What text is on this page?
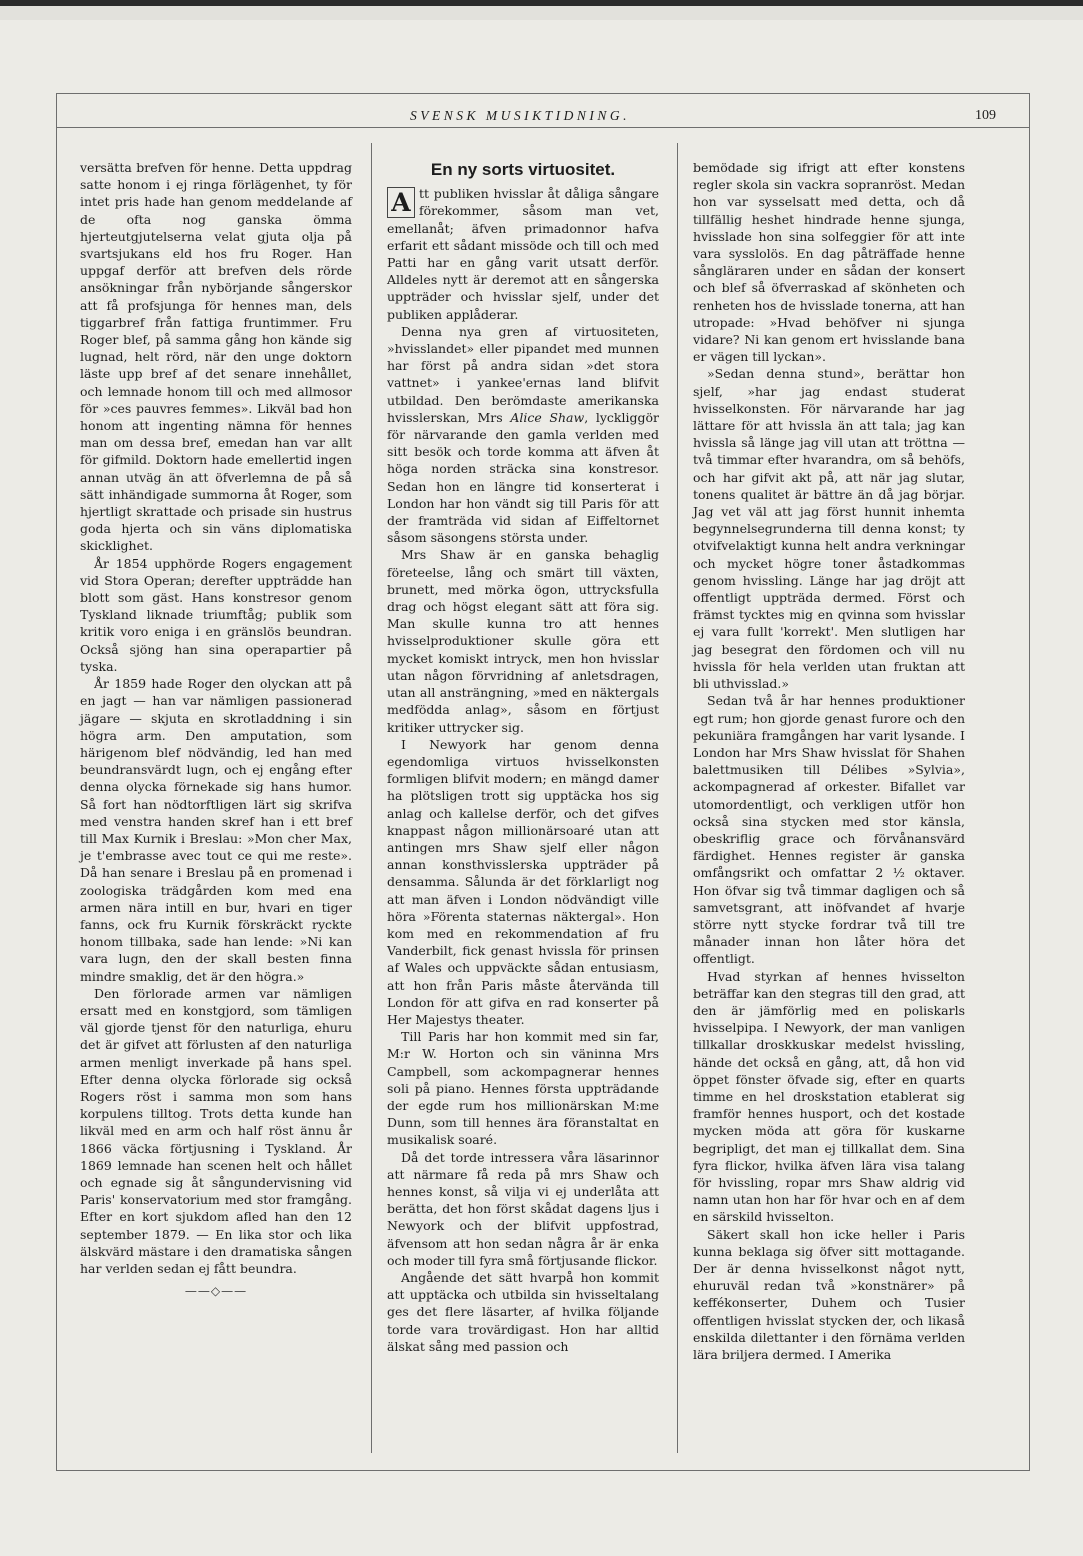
SVENSK MUSIKTIDNING.	109

versätta brefven för henne. Detta uppdrag satte honom i ej ringa förlägenhet, ty för intet pris hade han genom meddelande af de ofta nog ganska ömma hjerteutgjutelserna velat gjuta olja på svartsjukans eld hos fru Roger. Han uppgaf derför att brefven dels rörde ansökningar från nybörjande sångerskor att få profsjunga för hennes man, dels tiggarbref från fattiga fruntimmer. Fru Roger blef, på samma gång hon kände sig lugnad, helt rörd, när den unge doktorn läste upp bref af det senare innehållet, och lemnade honom till och med allmosor för »ces pauvres femmes». Likväl bad hon honom att ingenting nämna för hennes man om dessa bref, emedan han var allt för gifmild. Doktorn hade emellertid ingen annan utväg än att öfverlemna de på så sätt inhändigade summorna åt Roger, som hjertligt skrattade och prisade sin hustrus goda hjerta och sin väns diplomatiska skicklighet.

År 1854 upphörde Rogers engagement vid Stora Operan; derefter uppträdde han blott som gäst. Hans konstresor genom Tyskland liknade triumftåg; publik som kritik voro eniga i en gränslös beundran. Också sjöng han sina operapartier på tyska.

År 1859 hade Roger den olyckan att på en jagt — han var nämligen passionerad jägare — skjuta en skrotladdning i sin högra arm. Den amputation, som härigenom blef nödvändig, led han med beundransvärdt lugn, och ej engång efter denna olycka förnekade sig hans humor. Så fort han nödtorftligen lärt sig skrifva med venstra handen skref han i ett bref till Max Kurnik i Breslau: »Mon cher Max, je t'embrasse avec tout ce qui me reste». Då han senare i Breslau på en promenad i zoologiska trädgården kom med ena armen nära intill en bur, hvari en tiger fanns, ock fru Kurnik förskräckt ryckte honom tillbaka, sade han lende: »Ni kan vara lugn, den der skall besten finna mindre smaklig, det är den högra.»

Den förlorade armen var nämligen ersatt med en konstgjord, som tämligen väl gjorde tjenst för den naturliga, ehuru det är gifvet att förlusten af den naturliga armen menligt inverkade på hans spel. Efter denna olycka förlorade sig också Rogers röst i samma mon som hans korpulens tilltog. Trots detta kunde han likväl med en arm och half röst ännu år 1866 väcka förtjusning i Tyskland. År 1869 lemnade han scenen helt och hållet och egnade sig åt sångundervisning vid Paris' konservatorium med stor framgång. Efter en kort sjukdom afled han den 12 september 1879. — En lika stor och lika älskvärd mästare i den dramatiska sången har verlden sedan ej fått beundra.

——◇——
En ny sorts virtuositet.

A tt publiken hvisslar åt dåliga sångare förekommer, såsom man vet, emellanåt; äfven primadonnor hafva erfarit ett sådant missöde och till och med Patti har en gång varit utsatt derför. Alldeles nytt är deremot att en sångerska uppträder och hvisslar sjelf, under det publiken applåderar.

Denna nya gren af virtuositeten, »hvisslandet» eller pipandet med munnen har först på andra sidan »det stora vattnet» i yankee'ernas land blifvit utbildad. Den berömdaste amerikanska hvisslerskan, Mrs Alice Shaw, lyckliggör för närvarande den gamla verlden med sitt besök och torde komma att äfven åt höga norden sträcka sina konstresor. Sedan hon en längre tid konserterat i London har hon vändt sig till Paris för att der framträda vid sidan af Eiffeltornet såsom säsongens största under.

Mrs Shaw är en ganska behaglig företeelse, lång och smärt till växten, brunett, med mörka ögon, uttrycksfulla drag och högst elegant sätt att föra sig. Man skulle kunna tro att hennes hvisselproduktioner skulle göra ett mycket komiskt intryck, men hon hvisslar utan någon förvridning af anletsdragen, utan all ansträngning, »med en näktergals medfödda anlag», såsom en förtjust kritiker uttrycker sig.

I Newyork har genom denna egendomliga virtuos hvisselkonsten formligen blifvit modern; en mängd damer ha plötsligen trott sig upptäcka hos sig anlag och kallelse derför, och det gifves knappast någon millionärsoaré utan att antingen mrs Shaw sjelf eller någon annan konsthvisslerska uppträder på densamma. Sålunda är det förklarligt nog att man äfven i London nödvändigt ville höra »Förenta staternas näktergal». Hon kom med en rekommendation af fru Vanderbilt, fick genast hvissla för prinsen af Wales och uppväckte sådan entusiasm, att hon från Paris måste återvända till London för att gifva en rad konserter på Her Majestys theater.

Till Paris har hon kommit med sin far, M:r W. Horton och sin väninna Mrs Campbell, som ackompagnerar hennes soli på piano. Hennes första uppträdande der egde rum hos millionärskan M:me Dunn, som till hennes ära föranstaltat en musikalisk soaré.

Då det torde intressera våra läsarinnor att närmare få reda på mrs Shaw och hennes konst, så vilja vi ej underlåta att berätta, det hon först skådat dagens ljus i Newyork och der blifvit uppfostrad, äfvensom att hon sedan några år är enka och moder till fyra små förtjusande flickor.

Angående det sätt hvarpå hon kommit att upptäcka och utbilda sin hvisseltalang ges det flere läsarter, af hvilka följande torde vara trovärdigast. Hon har alltid älskat sång med passion och

bemödade sig ifrigt att efter konstens regler skola sin vackra sopranröst. Medan hon var sysselsatt med detta, och då tillfällig heshet hindrade henne sjunga, hvisslade hon sina solfeggier för att inte vara sysslolös. En dag påträffade henne sångläraren under en sådan der konsert och blef så öfverraskad af skönheten och renheten hos de hvisslade tonerna, att han utropade: »Hvad behöfver ni sjunga vidare? Ni kan genom ert hvisslande bana er vägen till lyckan».

»Sedan denna stund», berättar hon sjelf, »har jag endast studerat hvisselkonsten. För närvarande har jag lättare för att hvissla än att tala; jag kan hvissla så länge jag vill utan att tröttna — två timmar efter hvarandra, om så behöfs, och har gifvit akt på, att när jag slutar, tonens qualitet är bättre än då jag börjar. Jag vet väl att jag först hunnit inhemta begynnelsegrunderna till denna konst; ty otvifvelaktigt kunna helt andra verkningar och mycket högre toner åstadkommas genom hvissling. Länge har jag dröjt att offentligt uppträda dermed. Först och främst tycktes mig en qvinna som hvisslar ej vara fullt 'korrekt'. Men slutligen har jag besegrat den fördomen och vill nu hvissla för hela verlden utan fruktan att bli uthvisslad.»

Sedan två år har hennes produktioner egt rum; hon gjorde genast furore och den pekuniära framgången har varit lysande. I London har Mrs Shaw hvisslat för Shahen balettmusiken till Délibes »Sylvia», ackompagnerad af orkester. Bifallet var utomordentligt, och verkligen utför hon också sina stycken med stor känsla, obeskriflig grace och förvånansvärd färdighet. Hennes register är ganska omfångsrikt och omfattar 2 ½ oktaver. Hon öfvar sig två timmar dagligen och så samvetsgrant, att inöfvandet af hvarje större nytt stycke fordrar två till tre månader innan hon låter höra det offentligt.

Hvad styrkan af hennes hvisselton beträffar kan den stegras till den grad, att den är jämförlig med en poliskarls hvisselpipa. I Newyork, der man vanligen tillkallar droskkuskar medelst hvissling, hände det också en gång, att, då hon vid öppet fönster öfvade sig, efter en quarts timme en hel droskstation etablerat sig framför hennes husport, och det kostade mycken möda att göra för kuskarne begripligt, det man ej tillkallat dem. Sina fyra flickor, hvilka äfven lära visa talang för hvissling, ropar mrs Shaw aldrig vid namn utan hon har för hvar och en af dem en särskild hvisselton.

Säkert skall hon icke heller i Paris kunna beklaga sig öfver sitt mottagande. Der är denna hvisselkonst något nytt, ehuruväl redan två »konstnärer» på keffékonserter, Duhem och Tusier offentligen hvisslat stycken der, och likaså enskilda dilettanter i den förnäma verlden lära briljera dermed. I Amerika
